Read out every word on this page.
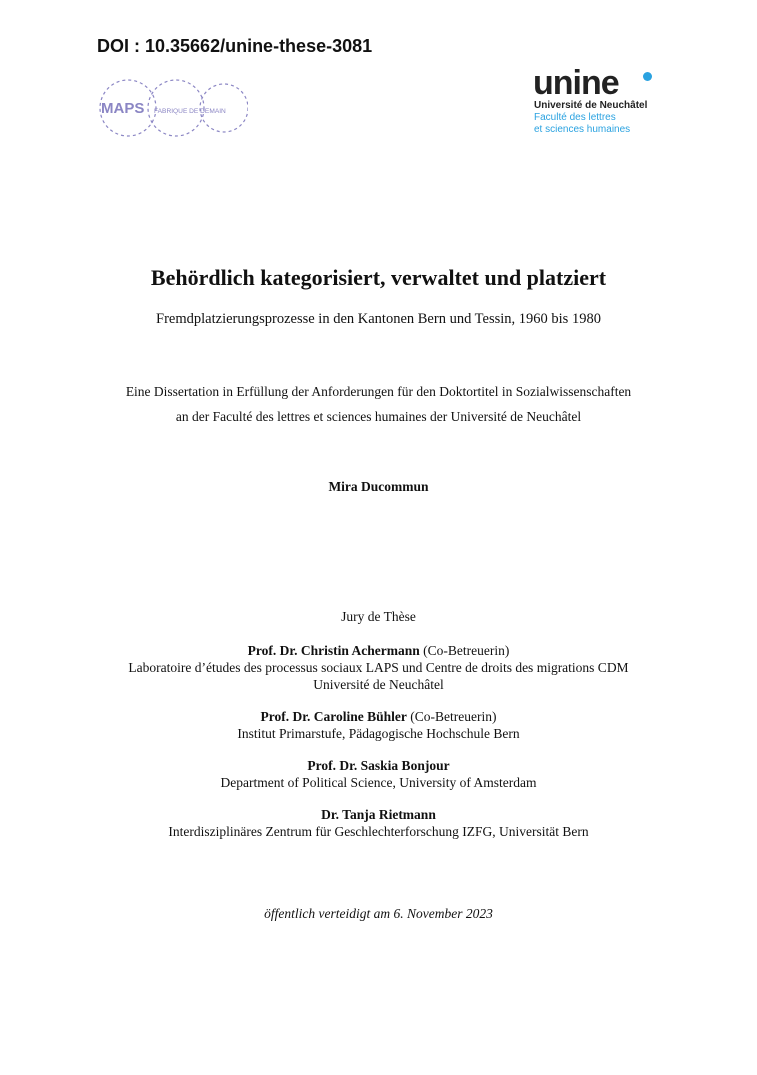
DOI : 10.35662/unine-these-3081
MAPS FABRIQUE DE DEMAIN
unine
Université de Neuchâtel
Faculté des lettres
et sciences humaines
Behördlich kategorisiert, verwaltet und platziert
Fremdplatzierungsprozesse in den Kantonen Bern und Tessin, 1960 bis 1980
Eine Dissertation in Erfüllung der Anforderungen für den Doktortitel in Sozialwissenschaften
an der Faculté des lettres et sciences humaines der Université de Neuchâtel
Mira Ducommun
Jury de Thèse
Prof. Dr. Christin Achermann (Co-Betreuerin)
Laboratoire d’études des processus sociaux LAPS und Centre de droits des migrations CDM
Université de Neuchâtel
Prof. Dr. Caroline Bühler (Co-Betreuerin)
Institut Primarstufe, Pädagogische Hochschule Bern
Prof. Dr. Saskia Bonjour
Department of Political Science, University of Amsterdam
Dr. Tanja Rietmann
Interdisziplinäres Zentrum für Geschlechterforschung IZFG, Universität Bern
öffentlich verteidigt am 6. November 2023
